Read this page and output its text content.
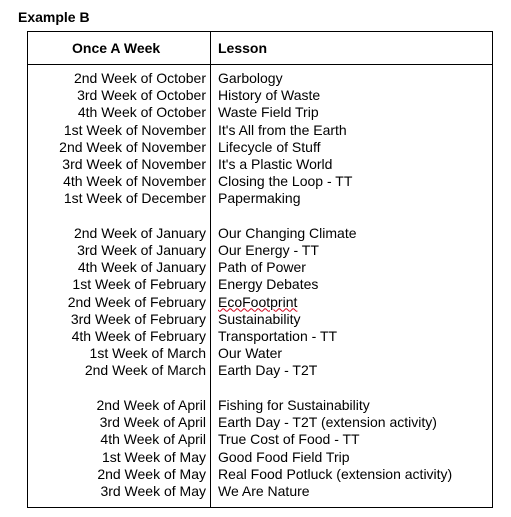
Example B
Once A Week	Lesson
2nd Week of October Garbology
3rd Week of October History of Waste
4th Week of October Waste Field Trip
1st Week of November It's All from the Earth
2nd Week of November Lifecycle of Stuff
3rd Week of November It's a Plastic World
4th Week of November Closing the Loop - TT
1st Week of December Papermaking
2nd Week of January Our Changing Climate
3rd Week of January Our Energy - TT
4th Week of January Path of Power
1st Week of February Energy Debates
2nd Week of February EcoFootprint
3rd Week of February Sustainability
4th Week of February Transportation - TT
1st Week of March Our Water
2nd Week of March Earth Day - T2T
2nd Week of April Fishing for Sustainability
3rd Week of April Earth Day - T2T (extension activity)
4th Week of April True Cost of Food - TT
1st Week of May Good Food Field Trip
2nd Week of May Real Food Potluck (extension activity)
3rd Week of May We Are Nature
